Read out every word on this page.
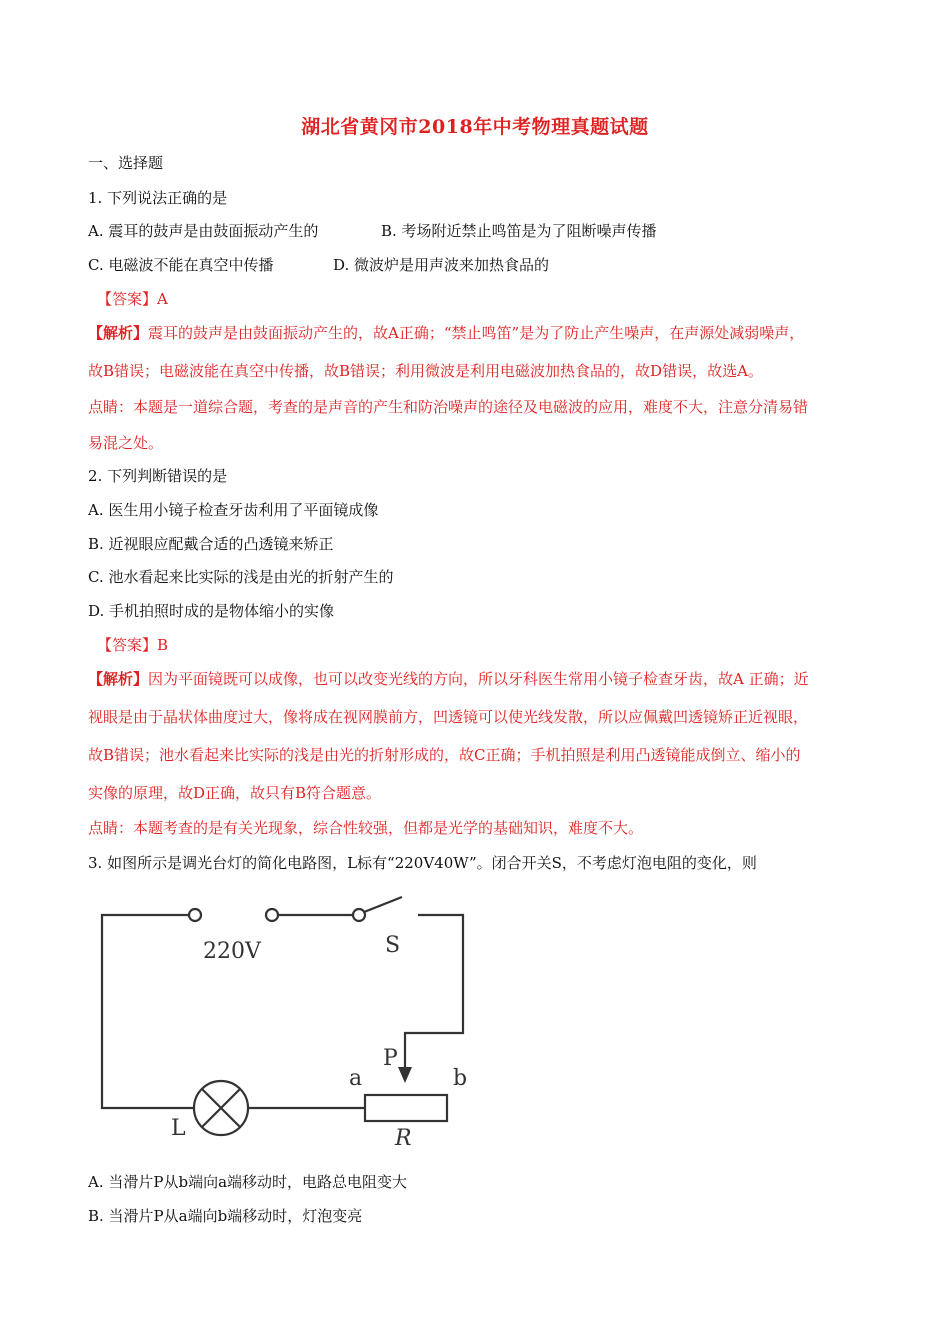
湖北省黄冈市2018年中考物理真题试题
一、选择题
1. 下列说法正确的是
A. 震耳的鼓声是由鼓面振动产生的	B. 考场附近禁止鸣笛是为了阻断噪声传播
C. 电磁波不能在真空中传播	D. 微波炉是用声波来加热食品的
【答案】A
【解析】震耳的鼓声是由鼓面振动产生的，故A正确；“禁止鸣笛”是为了防止产生噪声，在声源处减弱噪声，
故B错误；电磁波能在真空中传播，故B错误；利用微波是利用电磁波加热食品的，故D错误，故选A。
点睛：本题是一道综合题，考查的是声音的产生和防治噪声的途径及电磁波的应用，难度不大，注意分清易错
易混之处。
2. 下列判断错误的是
A. 医生用小镜子检查牙齿利用了平面镜成像
B. 近视眼应配戴合适的凸透镜来矫正
C. 池水看起来比实际的浅是由光的折射产生的
D. 手机拍照时成的是物体缩小的实像
【答案】B
【解析】因为平面镜既可以成像，也可以改变光线的方向，所以牙科医生常用小镜子检查牙齿，故A 正确；近
视眼是由于晶状体曲度过大，像将成在视网膜前方，凹透镜可以使光线发散，所以应佩戴凹透镜矫正近视眼，
故B错误；池水看起来比实际的浅是由光的折射形成的，故C正确；手机拍照是利用凸透镜能成倒立、缩小的
实像的原理，故D正确，故只有B符合题意。
点睛：本题考查的是有关光现象，综合性较强，但都是光学的基础知识，难度不大。
3. 如图所示是调光台灯的简化电路图，L标有“220V40W”。闭合开关S，不考虑灯泡电阻的变化，则
220V	S
P
a	b
L	R
A. 当滑片P从b端向a端移动时，电路总电阻变大
B. 当滑片P从a端向b端移动时，灯泡变亮
